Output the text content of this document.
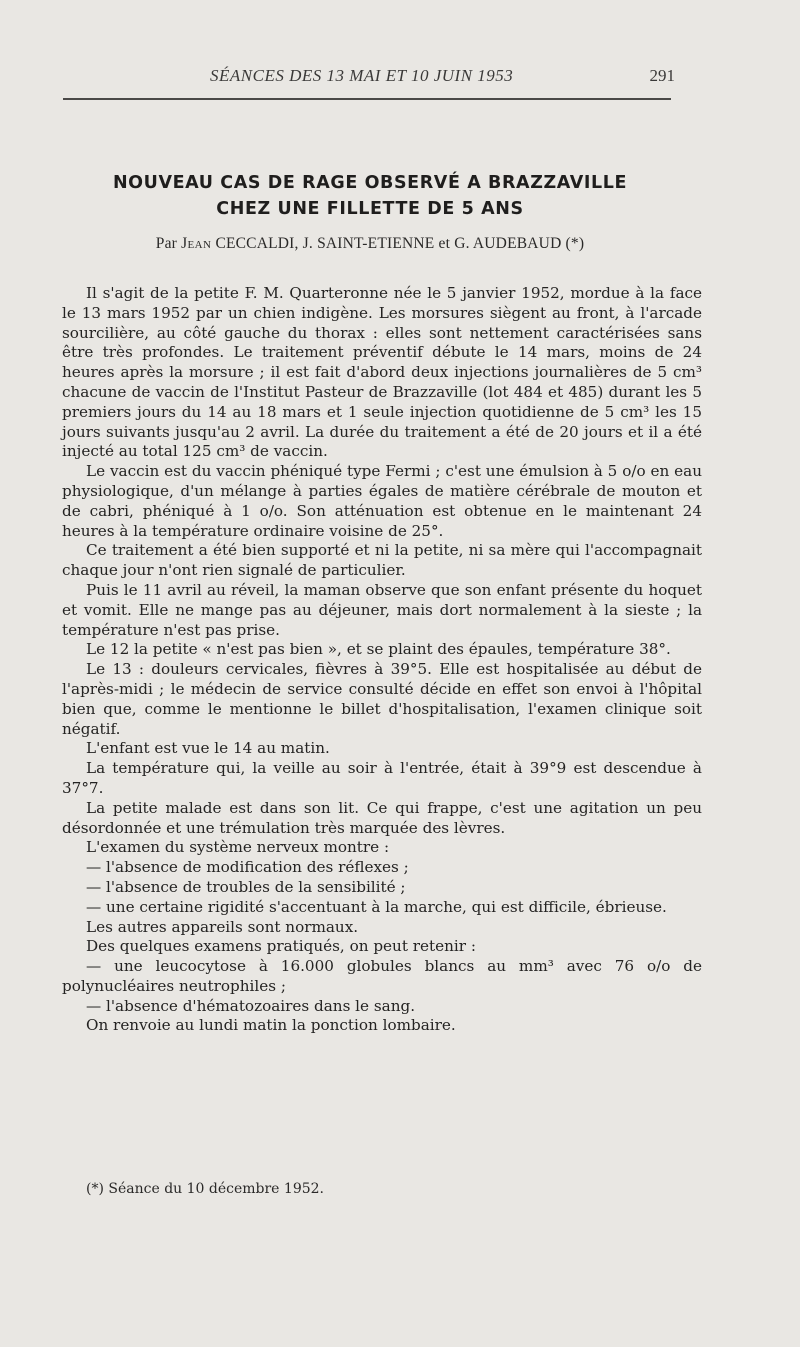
SÉANCES DES 13 MAI ET 10 JUIN 1953	291
NOUVEAU CAS DE RAGE OBSERVÉ A BRAZZAVILLE
CHEZ UNE FILLETTE DE 5 ANS
Par Jean CECCALDI, J. SAINT-ETIENNE et G. AUDEBAUD (*)

Il s'agit de la petite F. M. Quarteronne née le 5 janvier 1952, mordue à la face le 13 mars 1952 par un chien indigène. Les morsures siègent au front, à l'arcade sourcilière, au côté gauche du thorax : elles sont nettement caractérisées sans être très profondes. Le traitement préventif débute le 14 mars, moins de 24 heures après la morsure ; il est fait d'abord deux injections journalières de 5 cm³ chacune de vaccin de l'Institut Pasteur de Brazzaville (lot 484 et 485) durant les 5 premiers jours du 14 au 18 mars et 1 seule injection quotidienne de 5 cm³ les 15 jours suivants jusqu'au 2 avril. La durée du traitement a été de 20 jours et il a été injecté au total 125 cm³ de vaccin.

Le vaccin est du vaccin phéniqué type Fermi ; c'est une émulsion à 5 o/o en eau physiologique, d'un mélange à parties égales de matière cérébrale de mouton et de cabri, phéniqué à 1 o/o. Son atténuation est obtenue en le maintenant 24 heures à la température ordinaire voisine de 25°.

Ce traitement a été bien supporté et ni la petite, ni sa mère qui l'accompagnait chaque jour n'ont rien signalé de particulier.

Puis le 11 avril au réveil, la maman observe que son enfant présente du hoquet et vomit. Elle ne mange pas au déjeuner, mais dort normalement à la sieste ; la température n'est pas prise.

Le 12 la petite « n'est pas bien », et se plaint des épaules, température 38°.

Le 13 : douleurs cervicales, fièvres à 39°5. Elle est hospitalisée au début de l'après-midi ; le médecin de service consulté décide en effet son envoi à l'hôpital bien que, comme le mentionne le billet d'hospitalisation, l'examen clinique soit négatif.

L'enfant est vue le 14 au matin.

La température qui, la veille au soir à l'entrée, était à 39°9 est descendue à 37°7.

La petite malade est dans son lit. Ce qui frappe, c'est une agitation un peu désordonnée et une trémulation très marquée des lèvres.

L'examen du système nerveux montre :

— l'absence de modification des réflexes ;

— l'absence de troubles de la sensibilité ;

— une certaine rigidité s'accentuant à la marche, qui est difficile, ébrieuse.

Les autres appareils sont normaux.

Des quelques examens pratiqués, on peut retenir :

— une leucocytose à 16.000 globules blancs au mm³ avec 76 o/o de polynucléaires neutrophiles ;

— l'absence d'hématozoaires dans le sang.

On renvoie au lundi matin la ponction lombaire.

(*) Séance du 10 décembre 1952.
